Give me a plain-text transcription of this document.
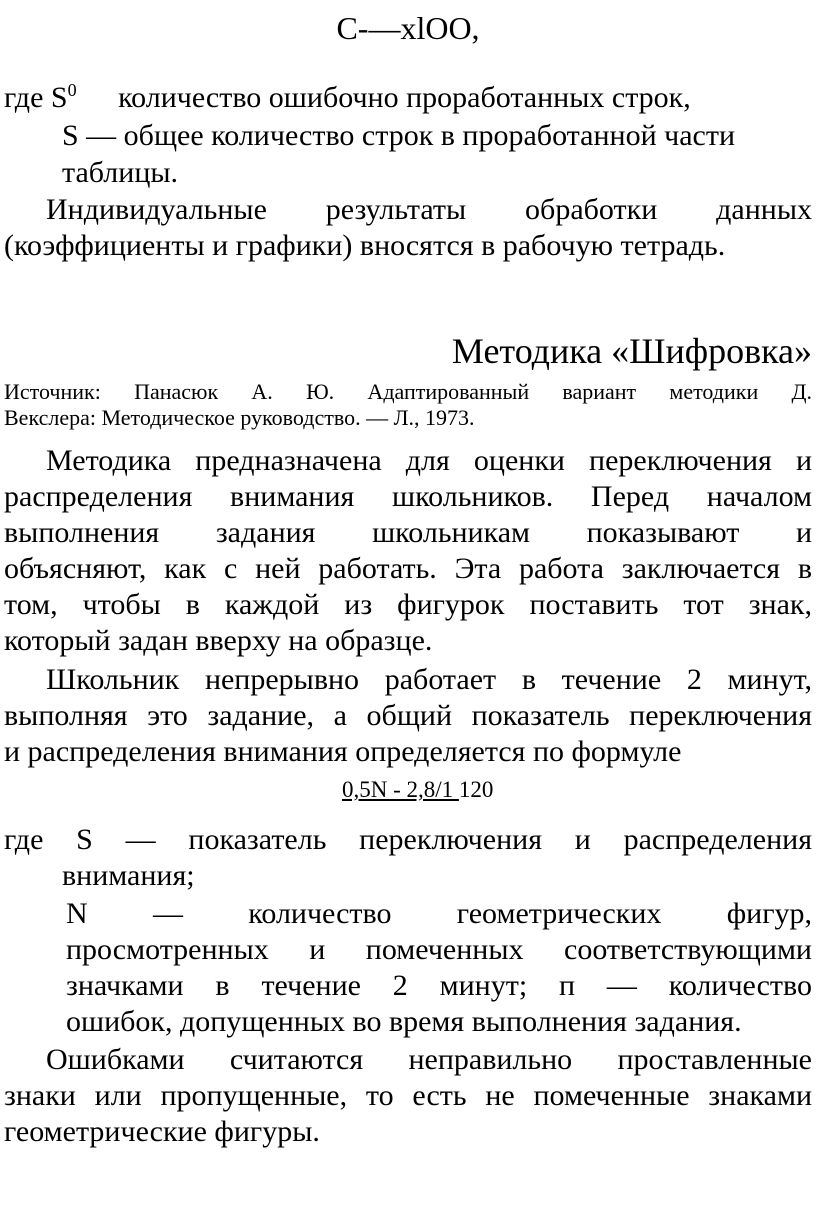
С-—xlOO,
где $S^0$ количество ошибочно проработанных строк,
S — общее количество строк в проработанной части
таблицы.
Индивидуальные результаты обработки данных
(коэффициенты и графики) вносятся в рабочую тетрадь.
Методика «Шифровка»
Источник: Панасюк А. Ю. Адаптированный вариант методики Д.
Векслера: Методическое руководство. — Л., 1973.
Методика предназначена для оценки переключения и
распределения внимания школьников. Перед началом
выполнения задания школьникам показывают и
объясняют, как с ней работать. Эта работа заключается в
том, чтобы в каждой из фигурок поставить тот знак,
который задан вверху на образце.
Школьник непрерывно работает в течение 2 минут,
выполняя это задание, а общий показатель переключения
и распределения внимания определяется по формуле
0,5N - 2,8/1 120
где S — показатель переключения и распределения
внимания;
N — количество геометрических фигур,
просмотренных и помеченных соответствующими
значками в течение 2 минут; п — количество
ошибок, допущенных во время выполнения задания.
Ошибками считаются неправильно проставленные
знаки или пропущенные, то есть не помеченные знаками
геометрические фигуры.
